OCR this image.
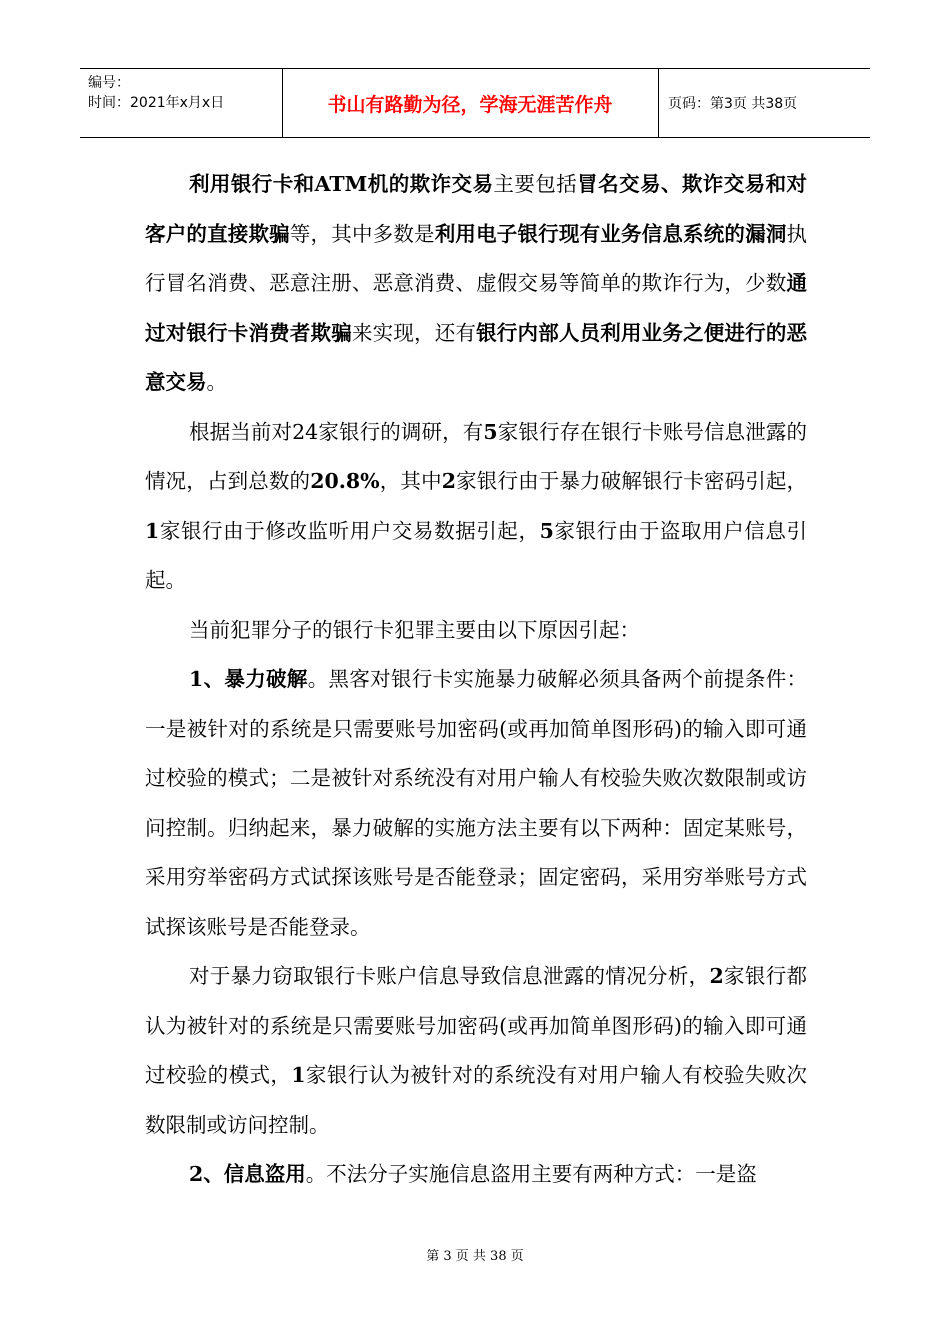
编号：
时间：2021年x月x日	书山有路勤为径，学海无涯苦作舟	页码：第3页 共38页

利用银行卡和ATM机的欺诈交易主要包括冒名交易、欺诈交易和对客户的直接欺骗等，其中多数是利用电子银行现有业务信息系统的漏洞执行冒名消费、恶意注册、恶意消费、虚假交易等简单的欺诈行为，少数通过对银行卡消费者欺骗来实现，还有银行内部人员利用业务之便进行的恶意交易。

根据当前对24家银行的调研，有5家银行存在银行卡账号信息泄露的情况，占到总数的20.8%，其中2家银行由于暴力破解银行卡密码引起，1家银行由于修改监听用户交易数据引起，5家银行由于盗取用户信息引起。

当前犯罪分子的银行卡犯罪主要由以下原因引起：

1、暴力破解。黑客对银行卡实施暴力破解必须具备两个前提条件：一是被针对的系统是只需要账号加密码(或再加简单图形码)的输入即可通过校验的模式；二是被针对系统没有对用户输人有校验失败次数限制或访问控制。归纳起来，暴力破解的实施方法主要有以下两种：固定某账号，采用穷举密码方式试探该账号是否能登录；固定密码，采用穷举账号方式试探该账号是否能登录。

对于暴力窃取银行卡账户信息导致信息泄露的情况分析，2家银行都认为被针对的系统是只需要账号加密码(或再加简单图形码)的输入即可通过校验的模式，1家银行认为被针对的系统没有对用户输人有校验失败次数限制或访问控制。

2、信息盗用。不法分子实施信息盗用主要有两种方式：一是盗

第 3 页 共 38 页
